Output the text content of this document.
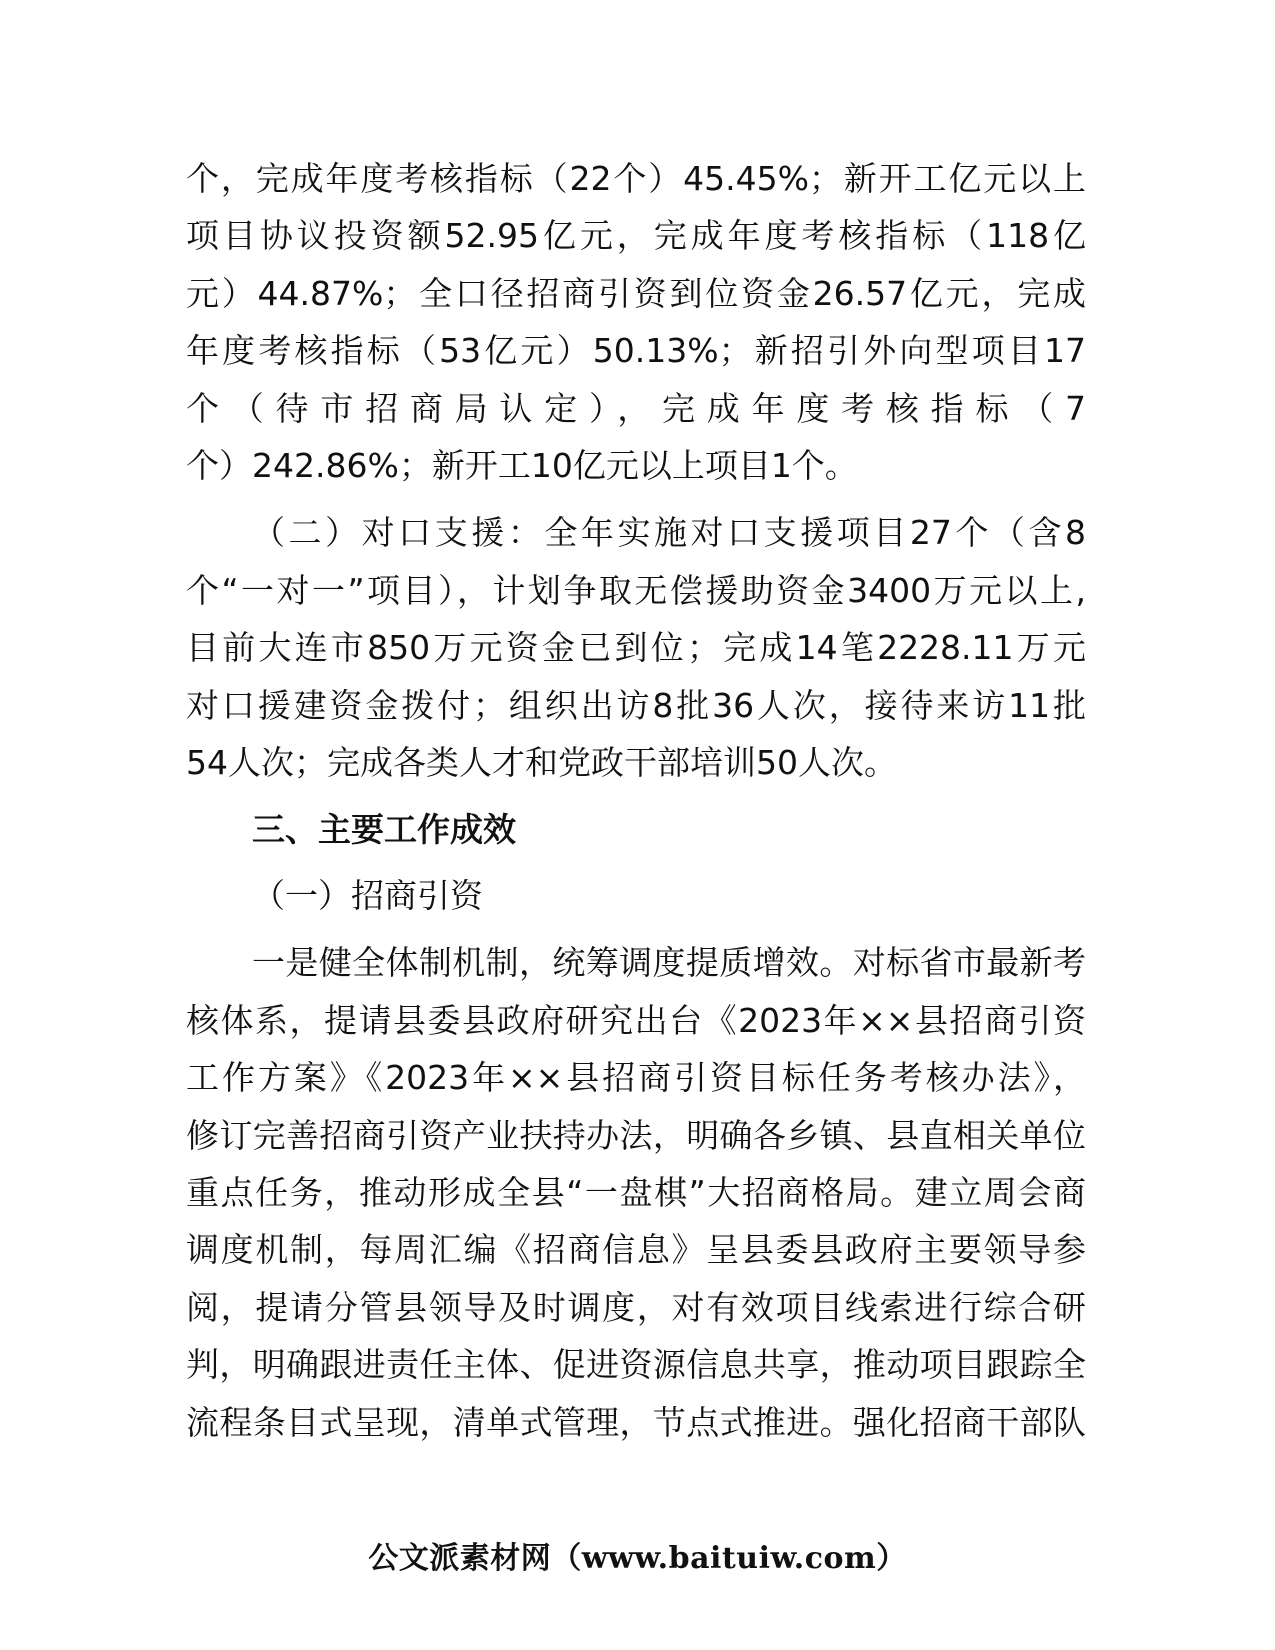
个，完成年度考核指标（22个）45.45%；新开工亿元以上
项目协议投资额52.95亿元，完成年度考核指标（118亿
元）44.87%；全口径招商引资到位资金26.57亿元，完成
年度考核指标（53亿元）50.13%；新招引外向型项目17
个（待市招商局认定），完成年度考核指标（7
个）242.86%；新开工10亿元以上项目1个。

（二）对口支援：全年实施对口支援项目27个（含8
个“一对一”项目），计划争取无偿援助资金3400万元以上,
目前大连市850万元资金已到位；完成14笔2228.11万元
对口援建资金拨付；组织出访8批36人次，接待来访11批
54人次；完成各类人才和党政干部培训50人次。

三、主要工作成效
（一）招商引资

一是健全体制机制，统筹调度提质增效。对标省市最新考
核体系，提请县委县政府研究出台《2023年××县招商引资
工作方案》《2023年××县招商引资目标任务考核办法》，
修订完善招商引资产业扶持办法，明确各乡镇、县直相关单位
重点任务，推动形成全县“一盘棋”大招商格局。建立周会商
调度机制，每周汇编《招商信息》呈县委县政府主要领导参
阅，提请分管县领导及时调度，对有效项目线索进行综合研
判，明确跟进责任主体、促进资源信息共享，推动项目跟踪全
流程条目式呈现，清单式管理，节点式推进。强化招商干部队

公文派素材网（www.baituiw.com）
